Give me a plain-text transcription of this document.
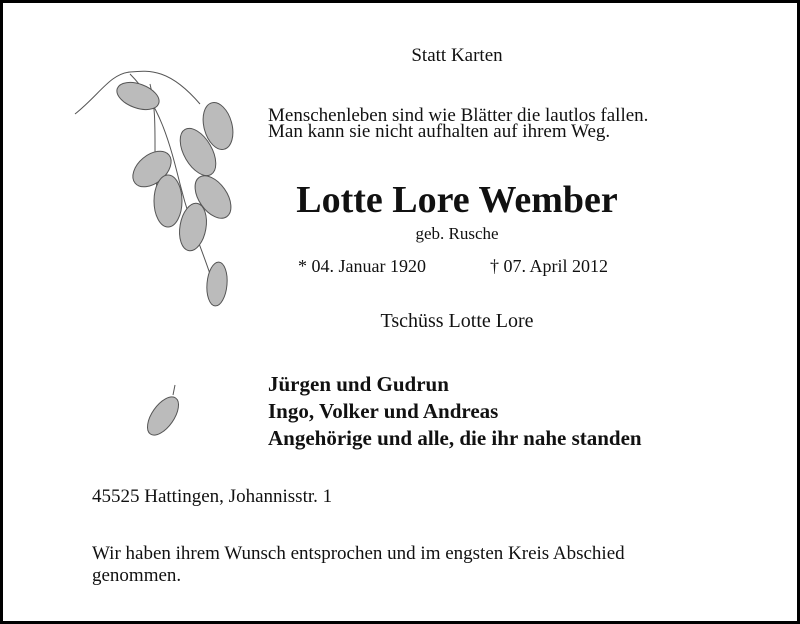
Statt Karten
Menschenleben sind wie Blätter die lautlos fallen.
Man kann sie nicht aufhalten auf ihrem Weg.
Lotte Lore Wember
geb. Rusche
* 04. Januar 1920	† 07. April 2012
Tschüss Lotte Lore
Jürgen und Gudrun
Ingo, Volker und Andreas
Angehörige und alle, die ihr nahe standen
45525 Hattingen, Johannisstr. 1
Wir haben ihrem Wunsch entsprochen und im engsten Kreis Abschied
genommen.
